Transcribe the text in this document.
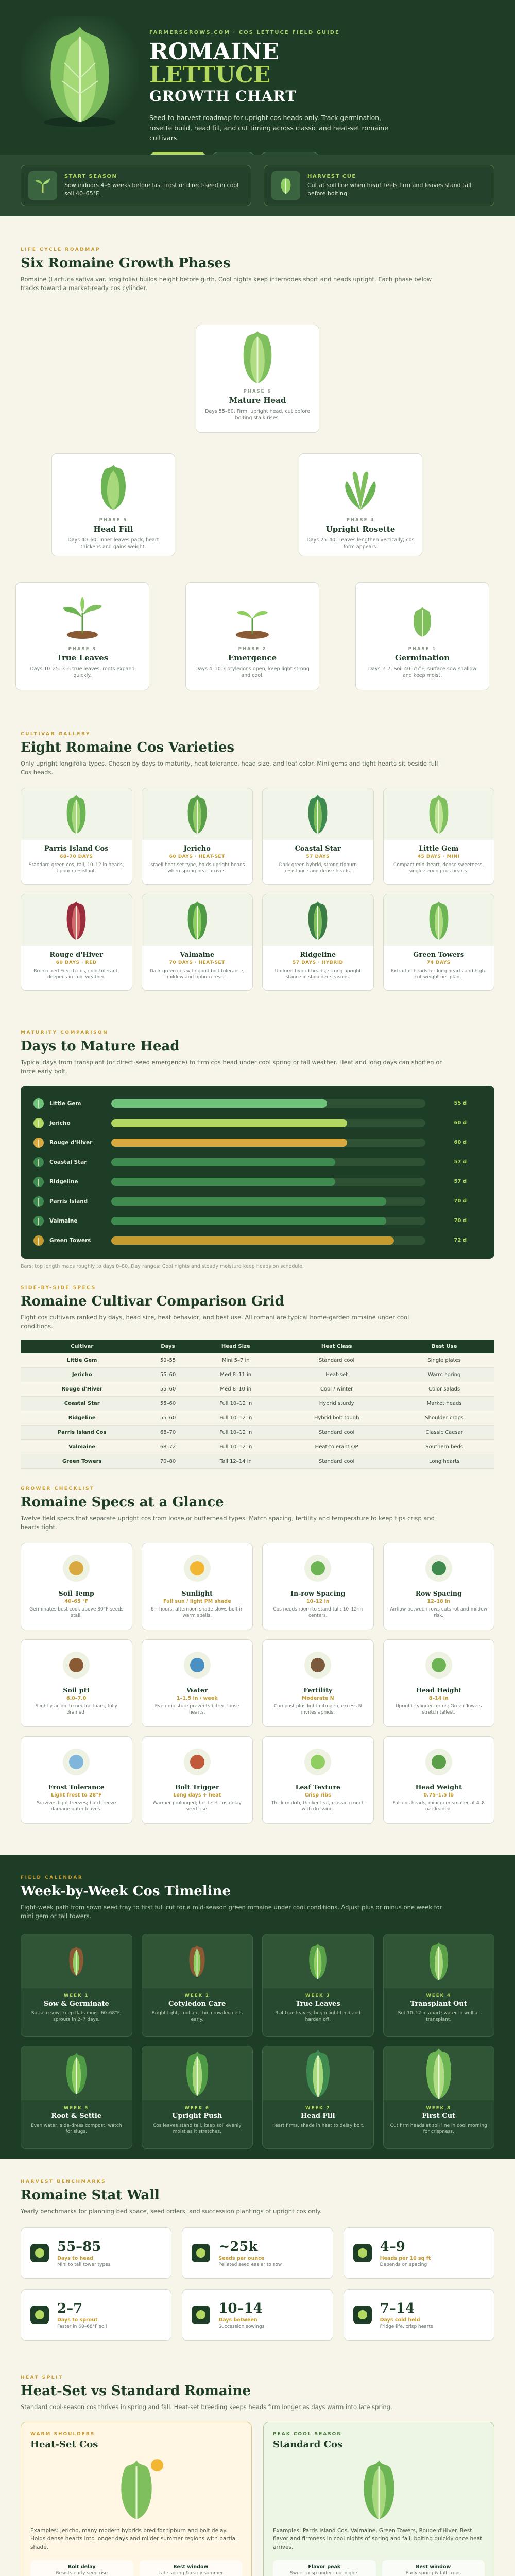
FARMERSGROWS.COM · COS LETTUCE FIELD GUIDE
ROMAINE
LETTUCE
GROWTH CHART
Seed-to-harvest roadmap for upright cos heads only. Track germination, rosette build, head fill, and cut timing across classic and heat-set romaine cultivars.
START SEASON
Sow indoors 4–6 weeks before last frost or direct-seed in cool soil 40–65°F.
HARVEST CUE
Cut at soil line when heart feels firm and leaves stand tall before bolting.
LIFE CYCLE ROADMAP
Six Romaine Growth Phases
Romaine (Lactuca sativa var. longifolia) builds height before girth. Cool nights keep internodes short and heads upright. Each phase below tracks toward a market-ready cos cylinder.
PHASE 6
Mature Head
Days 55–80. Firm, upright head, cut before bolting stalk rises.
PHASE 5
Head Fill
Days 40–60. Inner leaves pack, heart thickens and gains weight.
PHASE 4
Upright Rosette
Days 25–40. Leaves lengthen vertically; cos form appears.
PHASE 3
True Leaves
Days 10–25. 3–6 true leaves, roots expand quickly.
PHASE 2
Emergence
Days 4–10. Cotyledons open, keep light strong and cool.
PHASE 1
Germination
Days 2–7. Soil 40–75°F, surface sow shallow and keep moist.
CULTIVAR GALLERY
Eight Romaine Cos Varieties
Only upright longifolia types. Chosen by days to maturity, heat tolerance, head size, and leaf color. Mini gems and tight hearts sit beside full Cos heads.
Parris Island Cos
68–70 DAYS
Standard green cos, tall, 10–12 in heads, tipburn resistant.
Jericho
60 DAYS · HEAT-SET
Israeli heat-set type, holds upright heads when spring heat arrives.
Coastal Star
57 DAYS
Dark green hybrid, strong tipburn resistance and dense heads.
Little Gem
45 DAYS · MINI
Compact mini heart, dense sweetness, single-serving cos hearts.
Rouge d'Hiver
60 DAYS · RED
Bronze-red French cos, cold-tolerant, deepens in cool weather.
Valmaine
70 DAYS · HEAT-SET
Dark green cos with good bolt tolerance, mildew and tipburn resist.
Ridgeline
57 DAYS · HYBRID
Uniform hybrid heads, strong upright stance in shoulder seasons.
Green Towers
74 DAYS
Extra-tall heads for long hearts and high-cut weight per plant.
MATURITY COMPARISON
Days to Mature Head
Typical days from transplant (or direct-seed emergence) to firm cos head under cool spring or fall weather. Heat and long days can shorten or force early bolt.
Little Gem	55 d
Jericho	60 d
Rouge d'Hiver	60 d
Coastal Star	57 d
Ridgeline	57 d
Parris Island	70 d
Valmaine	70 d
Green Towers	72 d
Bars: top length maps roughly to days 0–80. Day ranges: Cool nights and steady moisture keep heads on schedule.
SIDE-BY-SIDE SPECS
Romaine Cultivar Comparison Grid
Eight cos cultivars ranked by days, head size, heat behavior, and best use. All romani are typical home-garden romaine under cool conditions.
Cultivar	Days	Head Size	Heat Class	Best Use
Little Gem	50–55	Mini 5–7 in	Standard cool	Single plates
Jericho	55–60	Med 8–11 in	Heat-set	Warm spring
Rouge d'Hiver	55–60	Med 8–10 in	Cool / winter	Color salads
Coastal Star	55–60	Full 10–12 in	Hybrid sturdy	Market heads
Ridgeline	55–60	Full 10–12 in	Hybrid bolt tough	Shoulder crops
Parris Island Cos	68–70	Full 10–12 in	Standard cool	Classic Caesar
Valmaine	68–72	Full 10–12 in	Heat-tolerant OP	Southern beds
Green Towers	70–80	Tall 12–14 in	Standard cool	Long hearts
GROWER CHECKLIST
Romaine Specs at a Glance
Twelve field specs that separate upright cos from loose or butterhead types. Match spacing, fertility and temperature to keep tips crisp and hearts tight.
Soil Temp
40–65 °F
Germinates best cool, above 80°F seeds stall.
Sunlight
Full sun / light PM shade
6+ hours; afternoon shade slows bolt in warm spells.
In-row Spacing
10–12 in
Cos needs room to stand tall: 10–12 in centers.
Row Spacing
12–18 in
Airflow between rows cuts rot and mildew risk.
Soil pH
6.0–7.0
Slightly acidic to neutral loam, fully drained.
Water
1–1.5 in / week
Even moisture prevents bitter, loose hearts.
Fertility
Moderate N
Compost plus light nitrogen, excess N invites aphids.
Head Height
8–14 in
Upright cylinder forms; Green Towers stretch tallest.
Frost Tolerance
Light frost to 28°F
Survives light freezes; hard freeze damage outer leaves.
Bolt Trigger
Long days + heat
Warmer prolonged; heat-set cos delay seed rise.
Leaf Texture
Crisp ribs
Thick midrib, thicker leaf, classic crunch with dressing.
Head Weight
0.75–1.5 lb
Full cos heads; mini gem smaller at 4–8 oz cleaned.
FIELD CALENDAR
Week-by-Week Cos Timeline
Eight-week path from sown seed tray to first full cut for a mid-season green romaine under cool conditions. Adjust plus or minus one week for mini gem or tall towers.
WEEK 1
Sow & Germinate
Surface sow, keep flats moist 60–68°F, sprouts in 2–7 days.
WEEK 2
Cotyledon Care
Bright light, cool air, thin crowded cells early.
WEEK 3
True Leaves
3–4 true leaves, begin light feed and harden off.
WEEK 4
Transplant Out
Set 10–12 in apart; water in well at transplant.
WEEK 5
Root & Settle
Even water, side-dress compost, watch for slugs.
WEEK 6
Upright Push
Cos leaves stand tall, keep soil evenly moist as it stretches.
WEEK 7
Head Fill
Heart firms, shade in heat to delay bolt.
WEEK 8
First Cut
Cut firm heads at soil line in cool morning for crispness.
HARVEST BENCHMARKS
Romaine Stat Wall
Yearly benchmarks for planning bed space, seed orders, and succession plantings of upright cos only.
55–85
Days to head
Mini to tall tower types
~25k
Seeds per ounce
Pelleted seed easier to sow
4–9
Heads per 10 sq ft
Depends on spacing
2–7
Days to sprout
Faster in 60–68°F soil
10–14
Days between
Succession sowings
7–14
Days cold held
Fridge life, crisp hearts
HEAT SPLIT
Heat-Set vs Standard Romaine
Standard cool-season cos thrives in spring and fall. Heat-set breeding keeps heads firm longer as days warm into late spring.
WARM SHOULDERS
Heat-Set Cos
Examples: Jericho, many modern hybrids bred for tipburn and bolt delay. Holds dense hearts into longer days and milder summer regions with partial shade.
Bolt delay
Resists early seed rise
Best window
Late spring & early summer
PEAK COOL SEASON
Standard Cos
Examples: Parris Island Cos, Valmaine, Green Towers, Rouge d'Hiver. Best flavor and firmness in cool nights of spring and fall, bolting quickly once heat arrives.
Flavor peak
Sweet crisp under cool nights
Best window
Early spring & fall crops
